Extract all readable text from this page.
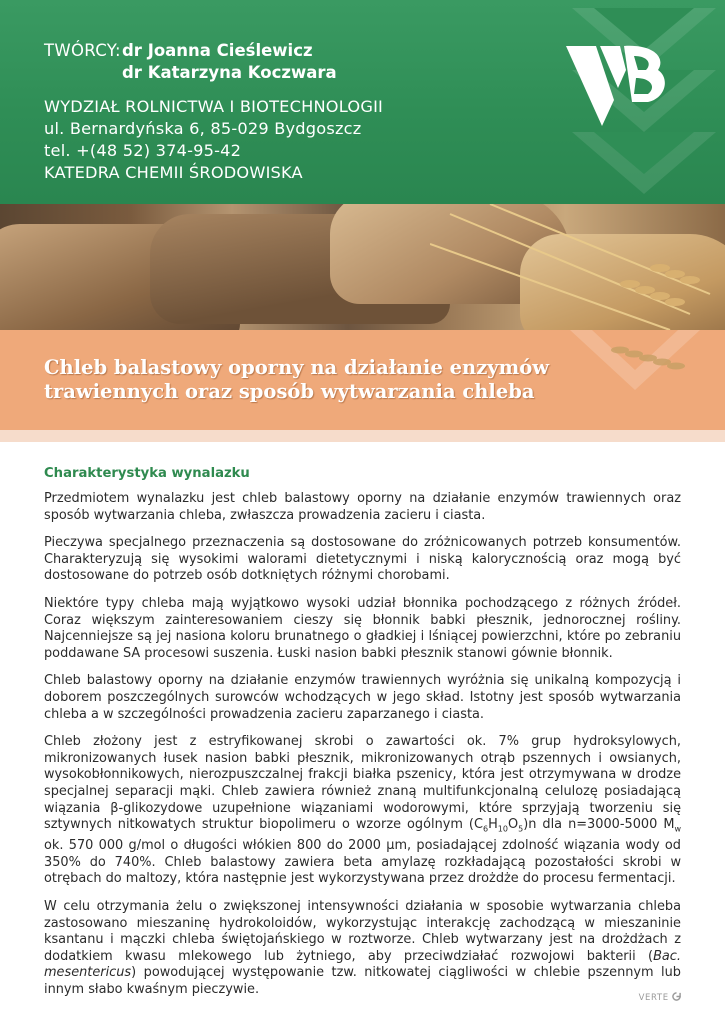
TWÓRCY:dr Joanna Cieślewicz
dr Katarzyna Koczwara
WYDZIAŁ ROLNICTWA I BIOTECHNOLOGII
ul. Bernardyńska 6, 85-029 Bydgoszcz
tel. +(48 52) 374-95-42
KATEDRA CHEMII ŚRODOWISKA
Chleb balastowy oporny na działanie enzymów
trawiennych oraz sposób wytwarzania chleba
Charakterystyka wynalazku

Przedmiotem wynalazku jest chleb balastowy oporny na działanie enzymów trawiennych oraz sposób wytwarzania chleba, zwłaszcza prowadzenia zacieru i ciasta.

Pieczywa specjalnego przeznaczenia są dostosowane do zróżnicowanych potrzeb konsumentów. Charakteryzują się wysokimi walorami dietetycznymi i niską kalorycznością oraz mogą być dostosowane do potrzeb osób dotkniętych różnymi chorobami.

Niektóre typy chleba mają wyjątkowo wysoki udział błonnika pochodzącego z różnych źródeł. Coraz większym zainteresowaniem cieszy się błonnik babki płesznik, jednorocznej rośliny. Najcenniejsze są jej nasiona koloru brunatnego o gładkiej i lśniącej powierzchni, które po zebraniu poddawane SA procesowi suszenia. Łuski nasion babki płesznik stanowi gównie błonnik.

Chleb balastowy oporny na działanie enzymów trawiennych wyróżnia się unikalną kompozycją i doborem poszczególnych surowców wchodzących w jego skład. Istotny jest sposób wytwarzania chleba a w szczególności prowadzenia zacieru zaparzanego i ciasta.

Chleb złożony jest z estryfikowanej skrobi o zawartości ok. 7% grup hydroksylowych, mikronizowanych łusek nasion babki płesznik, mikronizowanych otrąb pszennych i owsianych, wysokobłonnikowych, nierozpuszczalnej frakcji białka pszenicy, która jest otrzymywana w drodze specjalnej separacji mąki. Chleb zawiera również znaną multifunkcjonalną celulozę posiadającą wiązania β-glikozydowe uzupełnione wiązaniami wodorowymi, które sprzyjają tworzeniu się sztywnych nitkowatych struktur biopolimeru o wzorze ogólnym $(C_6H_{10}O_5)n$ dla n=3000-5000 $M_w$ ok. 570 000 g/mol o długości włókien 800 do 2000 µm, posiadającej zdolność wiązania wody od 350% do 740%. Chleb balastowy zawiera beta amylazę rozkładającą pozostałości skrobi w otrębach do maltozy, która następnie jest wykorzystywana przez drożdże do procesu fermentacji.

W celu otrzymania żelu o zwiększonej intensywności działania w sposobie wytwarzania chleba zastosowano mieszaninę hydrokoloidów, wykorzystując interakcję zachodzącą w mieszaninie ksantanu i mączki chleba świętojańskiego w roztworze. Chleb wytwarzany jest na drożdżach z dodatkiem kwasu mlekowego lub żytniego, aby przeciwdziałać rozwojowi bakterii (Bac. mesentericus) powodującej występowanie tzw. nitkowatej ciągliwości w chlebie pszennym lub innym słabo kwaśnym pieczywie.

VERTE
